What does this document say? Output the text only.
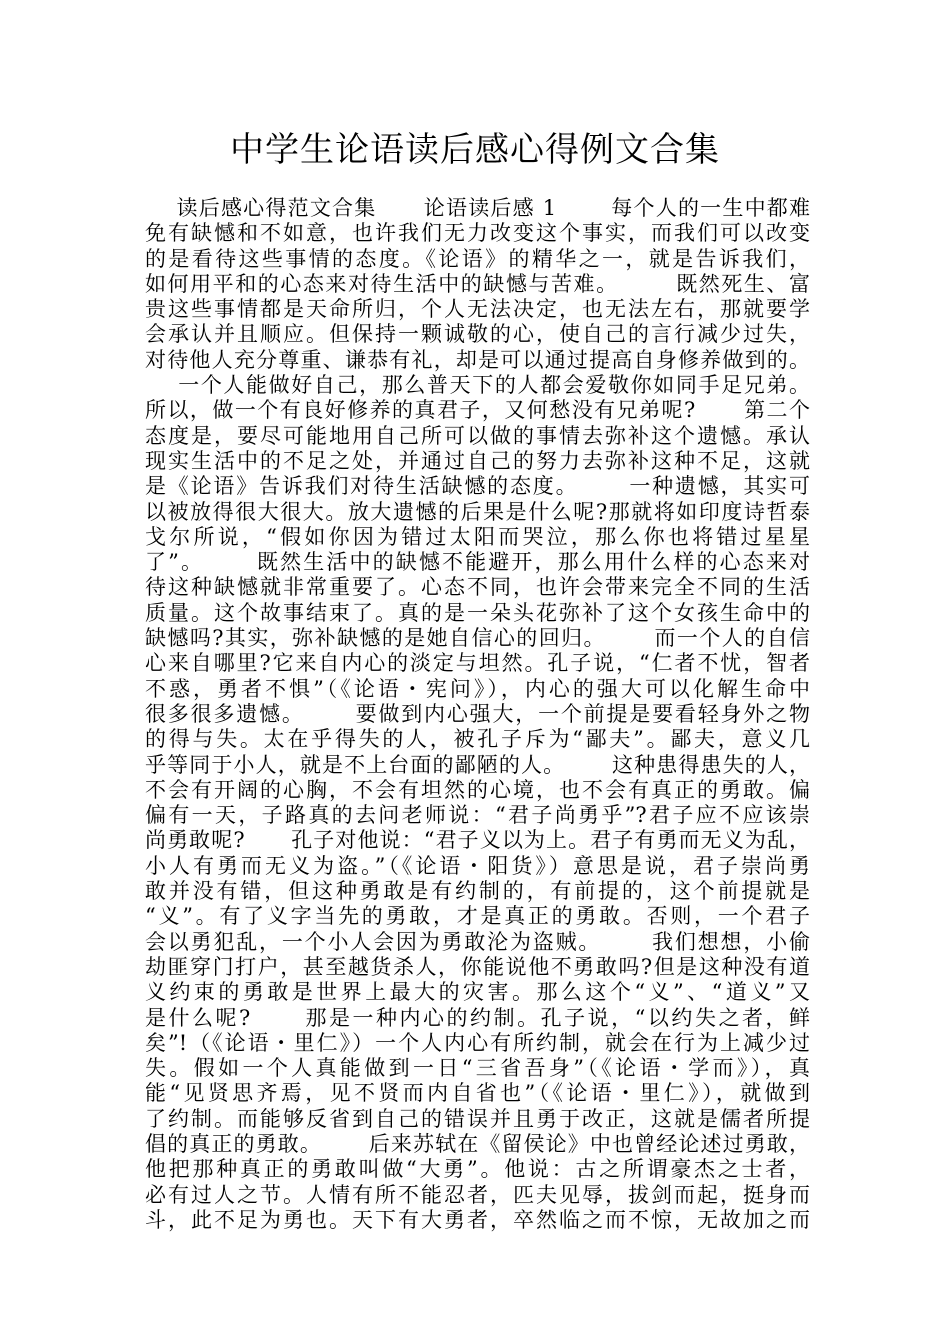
中学生论语读后感心得例文合集
读后感心得范文合集      论语读后感 1       每个人的一生中都难
免有缺憾和不如意，也许我们无力改变这个事实，而我们可以改变
的是看待这些事情的态度。《论语》的精华之一，就是告诉我们，
如何用平和的心态来对待生活中的缺憾与苦难。       既然死生、富
贵这些事情都是天命所归，个人无法决定，也无法左右，那就要学
会承认并且顺应。但保持一颗诚敬的心，使自己的言行减少过失，
对待他人充分尊重、谦恭有礼，却是可以通过提高自身修养做到的。
一个人能做好自己，那么普天下的人都会爱敬你如同手足兄弟。
所以，做一个有良好修养的真君子，又何愁没有兄弟呢?      第二个
态度是，要尽可能地用自己所可以做的事情去弥补这个遗憾。承认
现实生活中的不足之处，并通过自己的努力去弥补这种不足，这就
是《论语》告诉我们对待生活缺憾的态度。      一种遗憾，其实可
以被放得很大很大。放大遗憾的后果是什么呢?那就将如印度诗哲泰
戈尔所说，“假如你因为错过太阳而哭泣，那么你也将错过星星
了”。      既然生活中的缺憾不能避开，那么用什么样的心态来对
待这种缺憾就非常重要了。心态不同，也许会带来完全不同的生活
质量。这个故事结束了。真的是一朵头花弥补了这个女孩生命中的
缺憾吗?其实，弥补缺憾的是她自信心的回归。      而一个人的自信
心来自哪里?它来自内心的淡定与坦然。孔子说，“仁者不忧，智者
不惑，勇者不惧”（《论语・宪问》），内心的强大可以化解生命中
很多很多遗憾。      要做到内心强大，一个前提是要看轻身外之物
的得与失。太在乎得失的人，被孔子斥为“鄙夫”。鄙夫，意义几
乎等同于小人，就是不上台面的鄙陋的人。      这种患得患失的人，
不会有开阔的心胸，不会有坦然的心境，也不会有真正的勇敢。偏
偏有一天，子路真的去问老师说：“君子尚勇乎”?君子应不应该崇
尚勇敢呢?      孔子对他说：“君子义以为上。君子有勇而无义为乱，
小人有勇而无义为盗。”（《论语・阳货》）意思是说，君子崇尚勇
敢并没有错，但这种勇敢是有约制的，有前提的，这个前提就是
“义”。有了义字当先的勇敢，才是真正的勇敢。否则，一个君子
会以勇犯乱，一个小人会因为勇敢沦为盗贼。      我们想想，小偷
劫匪穿门打户，甚至越货杀人，你能说他不勇敢吗?但是这种没有道
义约束的勇敢是世界上最大的灾害。那么这个“义”、“道义”又
是什么呢?      那是一种内心的约制。孔子说，“以约失之者，鲜
矣”!（《论语・里仁》）一个人内心有所约制，就会在行为上减少过
失。假如一个人真能做到一日“三省吾身”（《论语・学而》），真
能“见贤思齐焉，见不贤而内自省也”（《论语・里仁》），就做到
了约制。而能够反省到自己的错误并且勇于改正，这就是儒者所提
倡的真正的勇敢。      后来苏轼在《留侯论》中也曾经论述过勇敢，
他把那种真正的勇敢叫做“大勇”。他说：古之所谓豪杰之士者，
必有过人之节。人情有所不能忍者，匹夫见辱，拔剑而起，挺身而
斗，此不足为勇也。天下有大勇者，卒然临之而不惊，无故加之而
